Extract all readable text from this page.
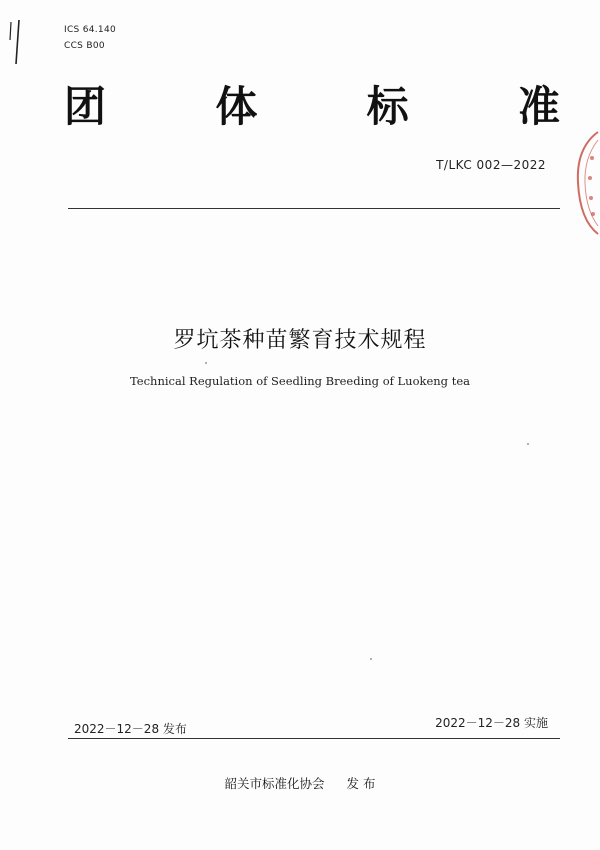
ICS 64.140
CCS B00
团	体	标	准
T/LKC 002—2022
罗坑茶种苗繁育技术规程
Technical Regulation of Seedling Breeding of Luokeng tea
2022－12－28 发布	2022－12－28 实施
韶关市标准化协会 发 布
